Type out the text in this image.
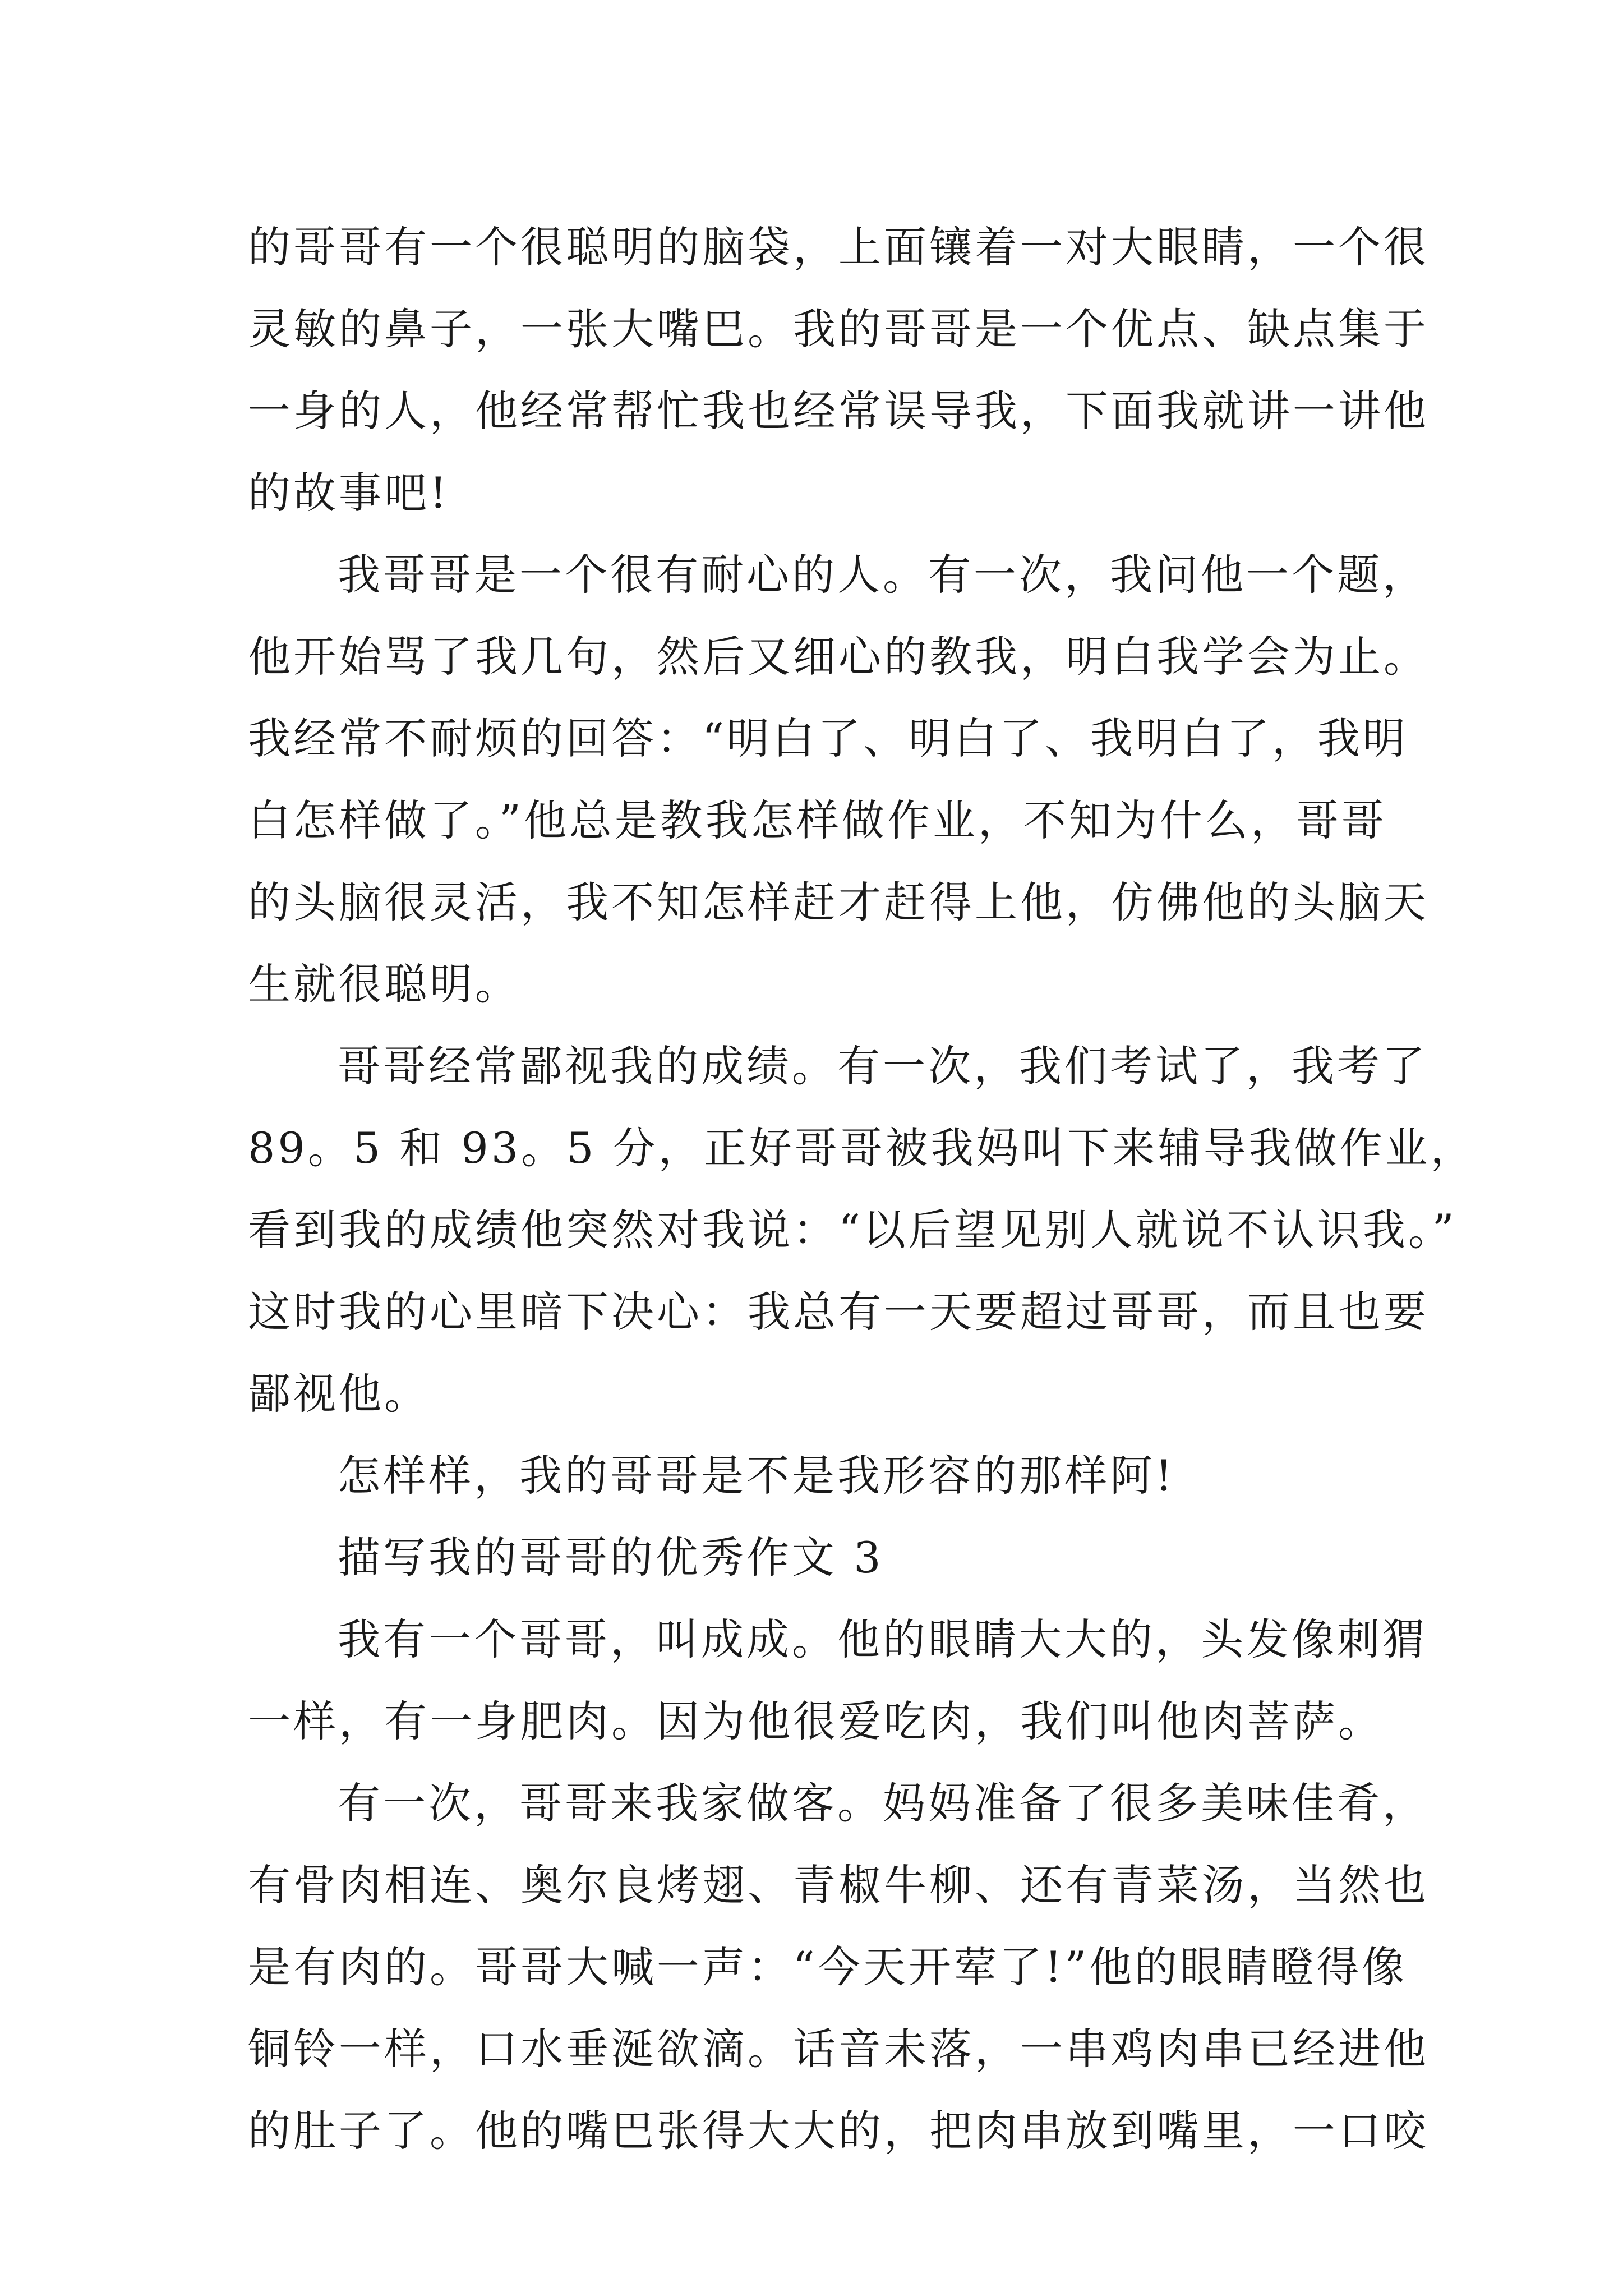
的哥哥有一个很聪明的脑袋，上面镶着一对大眼睛，一个很
灵敏的鼻子，一张大嘴巴。我的哥哥是一个优点、缺点集于
一身的人，他经常帮忙我也经常误导我，下面我就讲一讲他
的故事吧!
我哥哥是一个很有耐心的人。有一次，我问他一个题，
他开始骂了我几句，然后又细心的教我，明白我学会为止。
我经常不耐烦的回答：“明白了、明白了、我明白了，我明
白怎样做了。”他总是教我怎样做作业，不知为什么，哥哥
的头脑很灵活，我不知怎样赶才赶得上他，仿佛他的头脑天
生就很聪明。
哥哥经常鄙视我的成绩。有一次，我们考试了，我考了
89。5 和 93。5 分，正好哥哥被我妈叫下来辅导我做作业，
看到我的成绩他突然对我说：“以后望见别人就说不认识我。”
这时我的心里暗下决心：我总有一天要超过哥哥，而且也要
鄙视他。
怎样样，我的哥哥是不是我形容的那样阿!
描写我的哥哥的优秀作文 3
我有一个哥哥，叫成成。他的眼睛大大的，头发像刺猬
一样，有一身肥肉。因为他很爱吃肉，我们叫他肉菩萨。
有一次，哥哥来我家做客。妈妈准备了很多美味佳肴，
有骨肉相连、奥尔良烤翅、青椒牛柳、还有青菜汤，当然也
是有肉的。哥哥大喊一声：“今天开荤了!”他的眼睛瞪得像
铜铃一样，口水垂涎欲滴。话音未落，一串鸡肉串已经进他
的肚子了。他的嘴巴张得大大的，把肉串放到嘴里，一口咬
